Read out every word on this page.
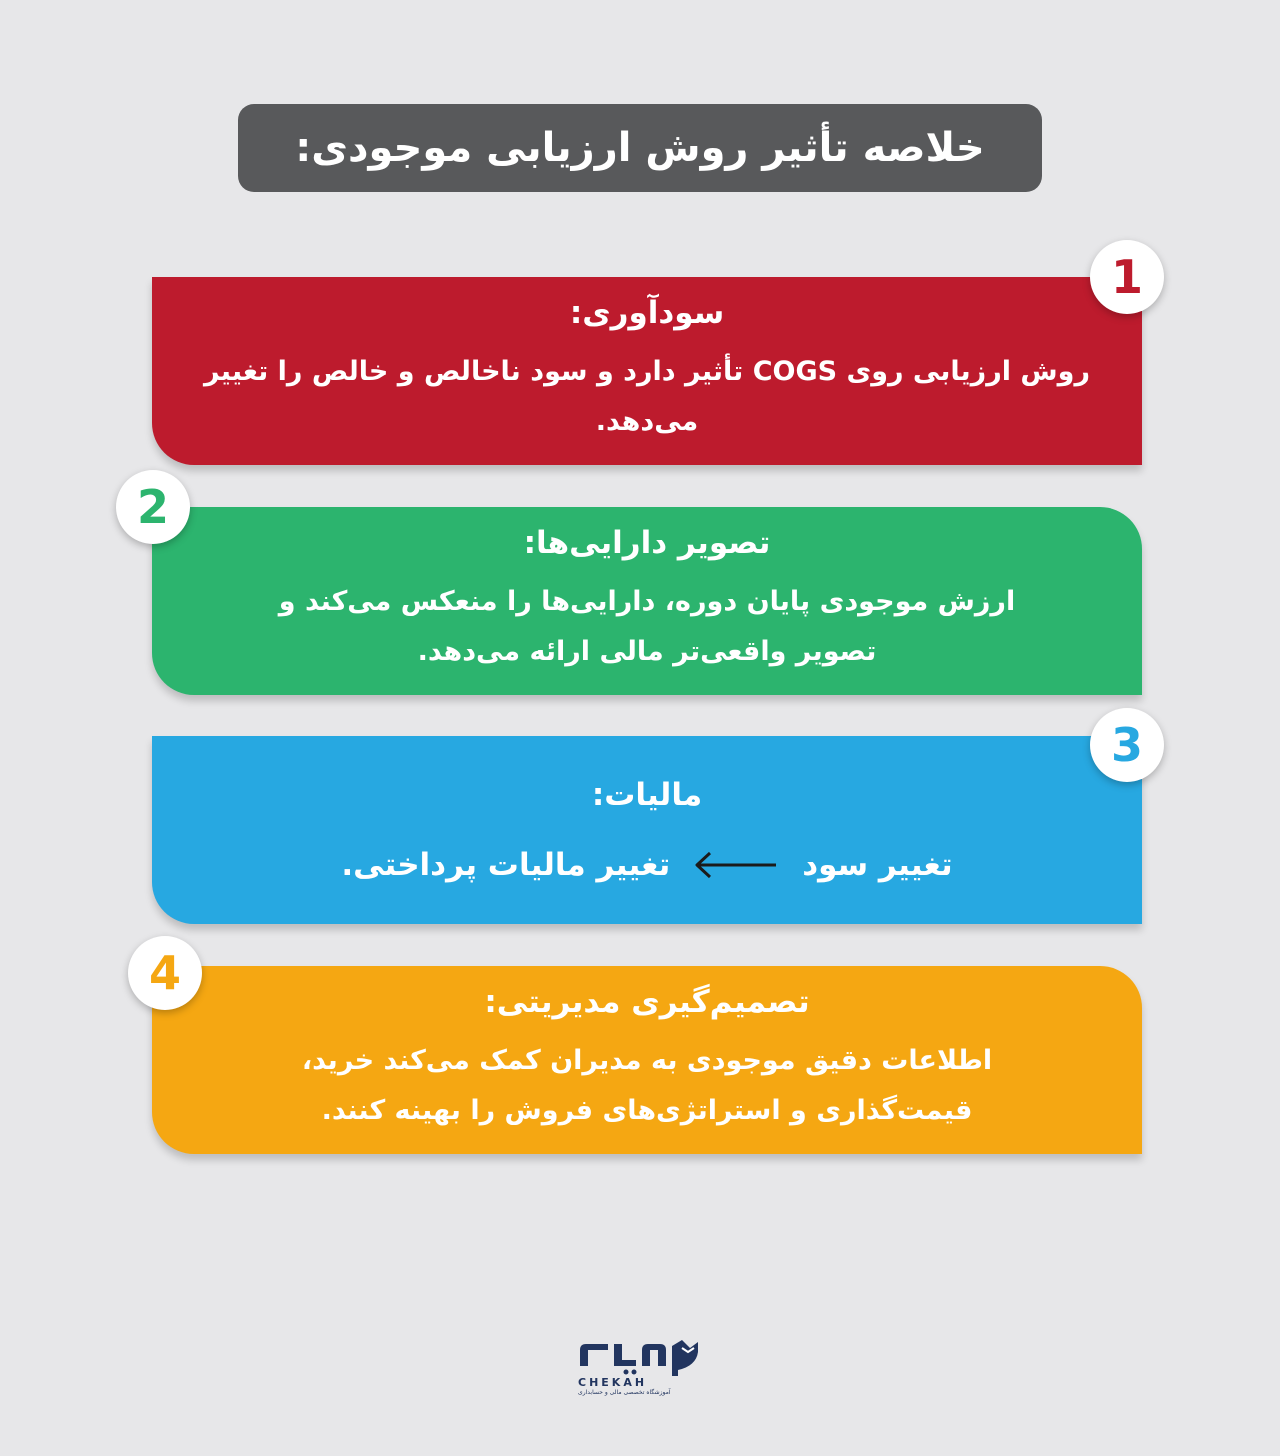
خلاصه تأثیر روش ارزیابی موجودی:
سودآوری:
روش ارزیابی روی COGS تأثیر دارد و سود ناخالص و خالص را تغییر می‌دهد.
1
تصویر دارایی‌ها:
ارزش موجودی پایان دوره، دارایی‌ها را منعکس می‌کند و
تصویر واقعی‌تر مالی ارائه می‌دهد.
2
مالیات:
تغییر سود
تغییر مالیات پرداختی.
3
تصمیم‌گیری مدیریتی:
اطلاعات دقیق موجودی به مدیران کمک می‌کند خرید،
قیمت‌گذاری و استراتژی‌های فروش را بهینه کنند.
4
CHEKAH
آموزشگاه تخصصی مالی و حسابداری
